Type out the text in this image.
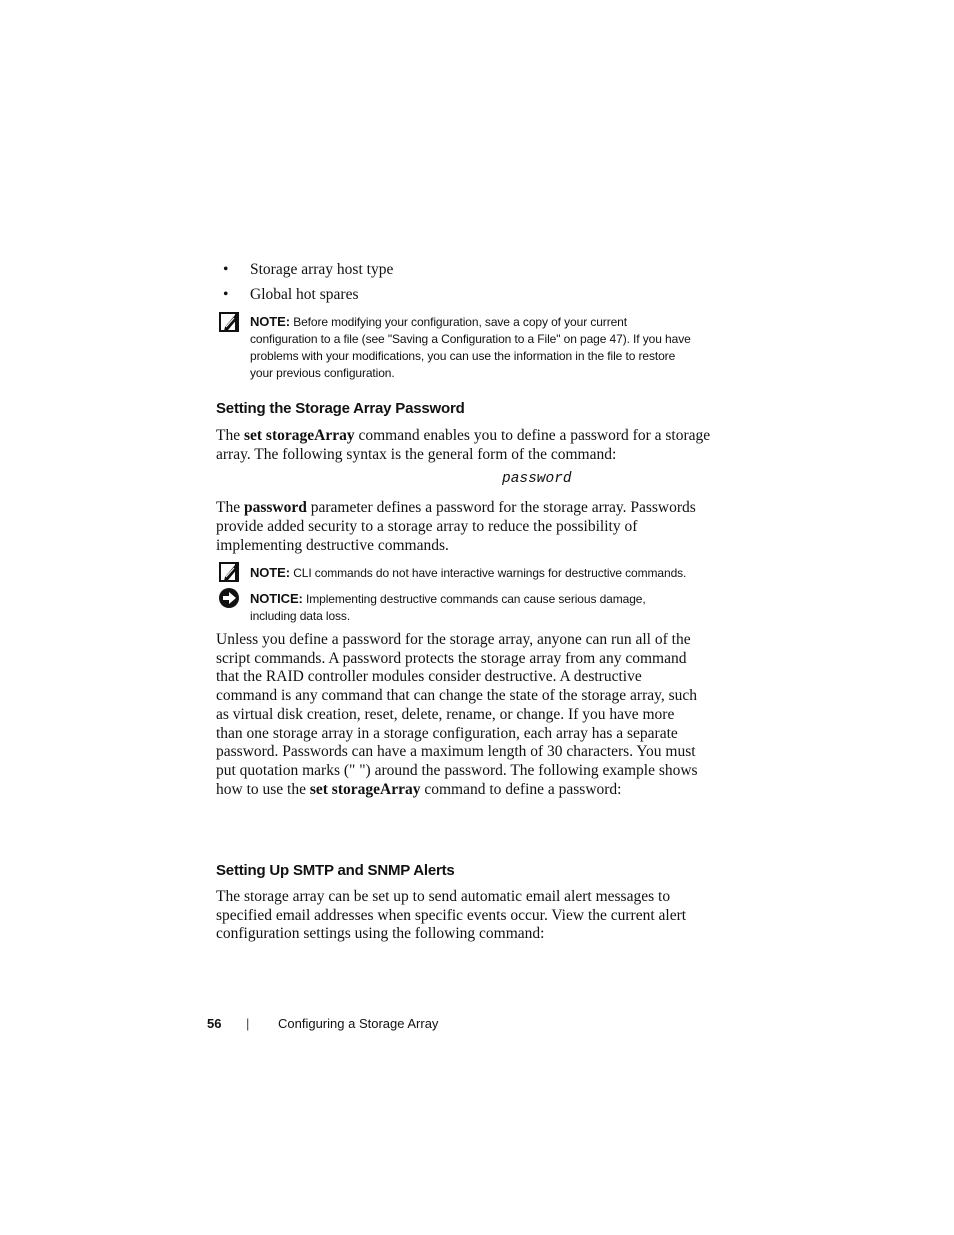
• Storage array host type
• Global hot spares
NOTE: Before modifying your configuration, save a copy of your current
configuration to a file (see "Saving a Configuration to a File" on page 47). If you have
problems with your modifications, you can use the information in the file to restore
your previous configuration.
Setting the Storage Array Password
The set storageArray command enables you to define a password for a storage
array. The following syntax is the general form of the command:
password
The password parameter defines a password for the storage array. Passwords
provide added security to a storage array to reduce the possibility of
implementing destructive commands.
NOTE: CLI commands do not have interactive warnings for destructive commands.
NOTICE: Implementing destructive commands can cause serious damage,
including data loss.
Unless you define a password for the storage array, anyone can run all of the
script commands. A password protects the storage array from any command
that the RAID controller modules consider destructive. A destructive
command is any command that can change the state of the storage array, such
as virtual disk creation, reset, delete, rename, or change. If you have more
than one storage array in a storage configuration, each array has a separate
password. Passwords can have a maximum length of 30 characters. You must
put quotation marks (" ") around the password. The following example shows
how to use the set storageArray command to define a password:
Setting Up SMTP and SNMP Alerts
The storage array can be set up to send automatic email alert messages to
specified email addresses when specific events occur. View the current alert
configuration settings using the following command:
56 | Configuring a Storage Array
